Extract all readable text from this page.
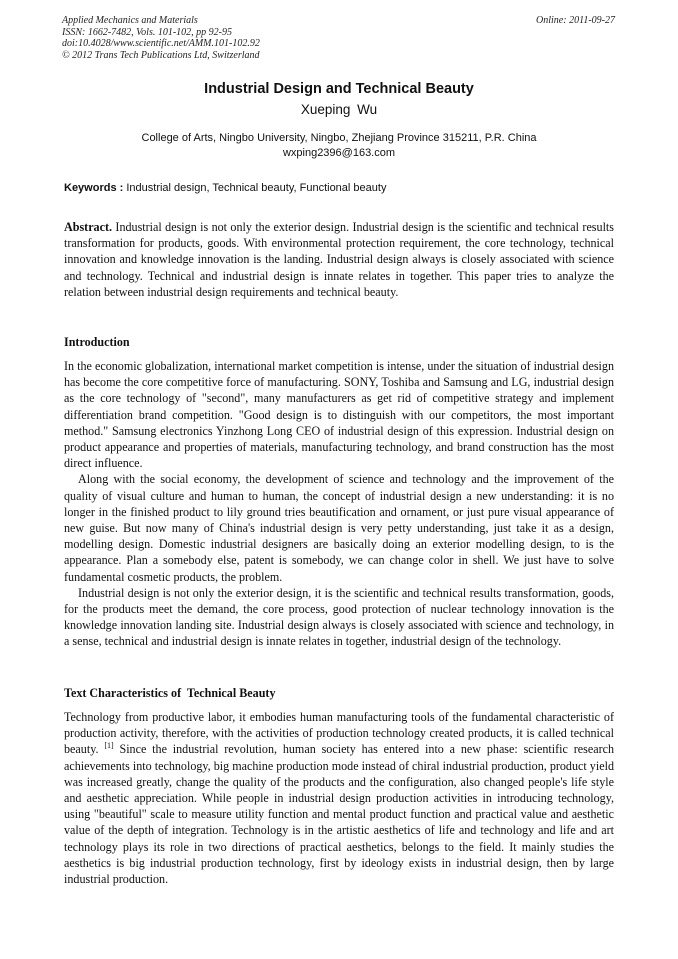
Applied Mechanics and Materials
ISSN: 1662-7482, Vols. 101-102, pp 92-95
doi:10.4028/www.scientific.net/AMM.101-102.92
© 2012 Trans Tech Publications Ltd, Switzerland
Online: 2011-09-27
Industrial Design and Technical Beauty
Xueping Wu
College of Arts, Ningbo University, Ningbo, Zhejiang Province 315211, P.R. China
wxping2396@163.com
Keywords : Industrial design, Technical beauty, Functional beauty

Abstract. Industrial design is not only the exterior design. Industrial design is the scientific and technical results transformation for products, goods. With environmental protection requirement, the core technology, technical innovation and knowledge innovation is the landing. Industrial design always is closely associated with science and technology. Technical and industrial design is innate relates in together. This paper tries to analyze the relation between industrial design requirements and technical beauty.

Introduction

In the economic globalization, international market competition is intense, under the situation of industrial design has become the core competitive force of manufacturing. SONY, Toshiba and Samsung and LG, industrial design as the core technology of "second", many manufacturers as get rid of competitive strategy and implement differentiation brand competition. "Good design is to distinguish with our competitors, the most important method." Samsung electronics Yinzhong Long CEO of industrial design of this expression. Industrial design on product appearance and properties of materials, manufacturing technology, and brand construction has the most direct influence.

Along with the social economy, the development of science and technology and the improvement of the quality of visual culture and human to human, the concept of industrial design a new understanding: it is no longer in the finished product to lily ground tries beautification and ornament, or just pure visual appearance of new guise. But now many of China's industrial design is very petty understanding, just take it as a design, modelling design. Domestic industrial designers are basically doing an exterior modelling design, to is the appearance. Plan a somebody else, patent is somebody, we can change color in shell. We just have to solve fundamental cosmetic products, the problem.

Industrial design is not only the exterior design, it is the scientific and technical results transformation, goods, for the products meet the demand, the core process, good protection of nuclear technology innovation is the knowledge innovation landing site. Industrial design always is closely associated with science and technology, in a sense, technical and industrial design is innate relates in together, industrial design of the technology.

Text Characteristics of  Technical Beauty

Technology from productive labor, it embodies human manufacturing tools of the fundamental characteristic of production activity, therefore, with the activities of production technology created products, it is called technical beauty. [1] Since the industrial revolution, human society has entered into a new phase: scientific research achievements into technology, big machine production mode instead of chiral industrial production, product yield was increased greatly, change the quality of the products and the configuration, also changed people's life style and aesthetic appreciation. While people in industrial design production activities in introducing technology, using "beautiful" scale to measure utility function and mental product function and practical value and aesthetic value of the depth of integration. Technology is in the artistic aesthetics of life and technology and life and art technology plays its role in two directions of practical aesthetics, belongs to the field. It mainly studies the aesthetics is big industrial production technology, first by ideology exists in industrial design, then by large industrial production.
